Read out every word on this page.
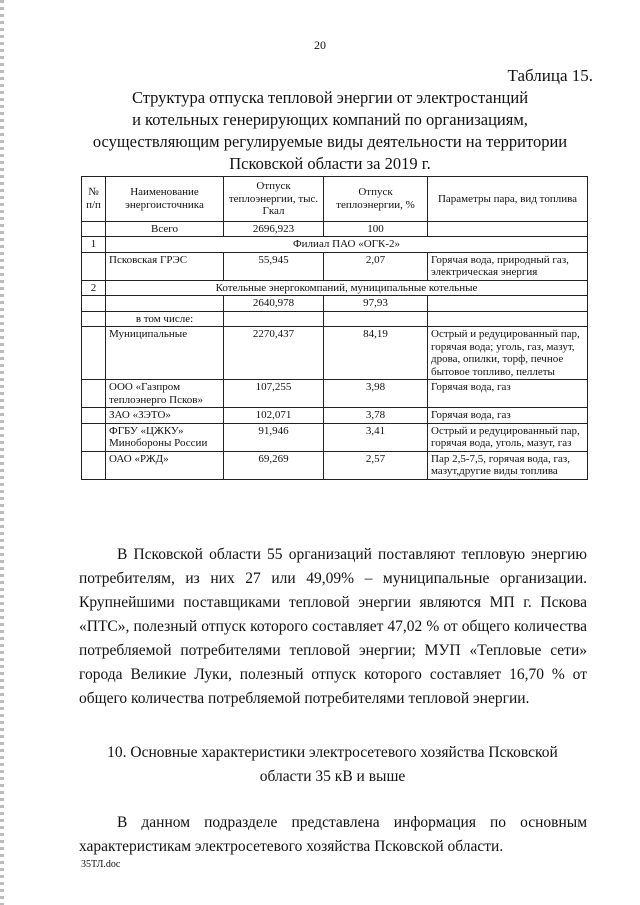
20
Таблица 15.
Структура отпуска тепловой энергии от электростанций
и котельных генерирующих компаний по организациям,
осуществляющим регулируемые виды деятельности на территории
Псковской области за 2019 г.
№ п/п	Наименование энергоисточника	Отпуск теплоэнергии, тыс. Гкал	Отпуск теплоэнергии, %	Параметры пара, вид топлива
	Всего	2696,923	100	
1	Филиал ПАО «ОГК-2»			
	Псковская ГРЭС	55,945	2,07	Горячая вода, природный газ, электрическая энергия
2	Котельные энергокомпаний, муниципальные котельные			
		2640,978	97,93	
	в том числе:			
	Муниципальные	2270,437	84,19	Острый и редуцированный пар, горячая вода; уголь, газ, мазут, дрова, опилки, торф, печное бытовое топливо, пеллеты
	ООО «Газпром теплоэнерго Псков»	107,255	3,98	Горячая вода, газ
	ЗАО «ЗЭТО»	102,071	3,78	Горячая вода, газ
	ФГБУ «ЦЖКУ» Минобороны России	91,946	3,41	Острый и редуцированный пар, горячая вода, уголь, мазут, газ
	ОАО «РЖД»	69,269	2,57	Пар 2,5-7,5, горячая вода, газ, мазут,другие виды топлива
В Псковской области 55 организаций поставляют тепловую энергию потребителям, из них 27 или 49,09% – муниципальные организации. Крупнейшими поставщиками тепловой энергии являются МП г. Пскова «ПТС», полезный отпуск которого составляет 47,02 % от общего количества потребляемой потребителями тепловой энергии; МУП «Тепловые сети» города Великие Луки, полезный отпуск которого составляет 16,70 % от общего количества потребляемой потребителями тепловой энергии.
10. Основные характеристики электросетевого хозяйства Псковской
области 35 кВ и выше
В данном подразделе представлена информация по основным характеристикам электросетевого хозяйства Псковской области.
35ТЛ.doc
